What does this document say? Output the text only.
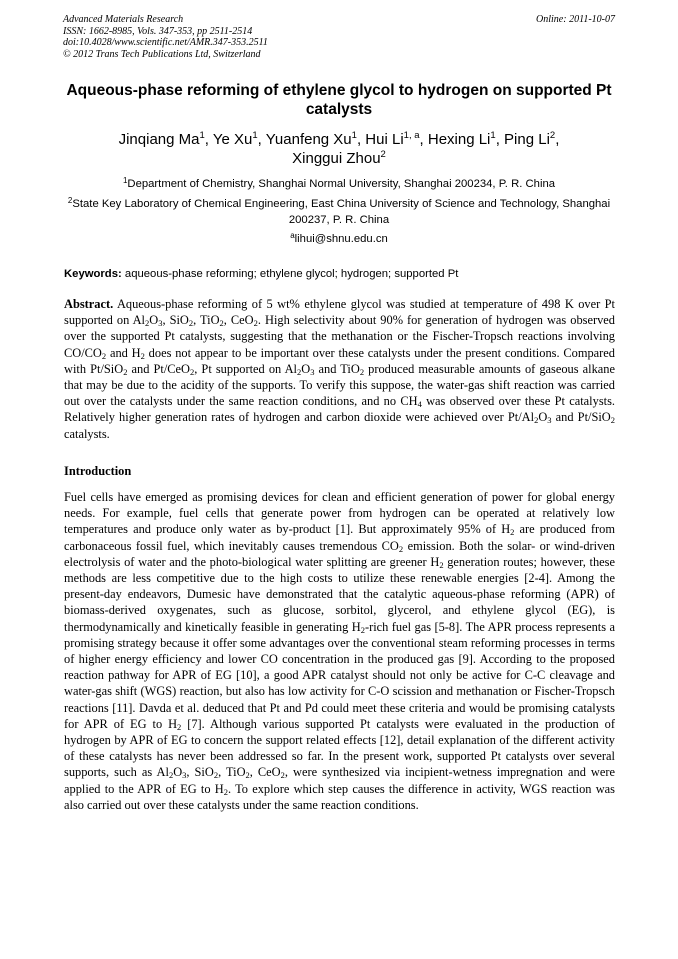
Advanced Materials Research
ISSN: 1662-8985, Vols. 347-353, pp 2511-2514
doi:10.4028/www.scientific.net/AMR.347-353.2511
© 2012 Trans Tech Publications Ltd, Switzerland
Online: 2011-10-07
Aqueous-phase reforming of ethylene glycol to hydrogen on supported Pt catalysts
Jinqiang Ma$^1$, Ye Xu$^1$, Yuanfeng Xu$^1$, Hui Li$^{1, a}$, Hexing Li$^1$, Ping Li$^2$,
Xinggui Zhou$^2$
$^1$Department of Chemistry, Shanghai Normal University, Shanghai 200234, P. R. China
$^2$State Key Laboratory of Chemical Engineering, East China University of Science and Technology, Shanghai 200237, P. R. China
$^a$lihui@shnu.edu.cn
Keywords: aqueous-phase reforming; ethylene glycol; hydrogen; supported Pt
Abstract. Aqueous-phase reforming of 5 wt% ethylene glycol was studied at temperature of 498 K over Pt supported on $Al_2O_3$, SiO$_2$, TiO$_2$, CeO$_2$. High selectivity about 90% for generation of hydrogen was observed over the supported Pt catalysts, suggesting that the methanation or the Fischer-Tropsch reactions involving $CO/CO_2$ and $H_2$ does not appear to be important over these catalysts under the present conditions. Compared with Pt/SiO$_2$ and Pt/CeO$_2$, Pt supported on $Al_2O_3$ and TiO$_2$ produced measurable amounts of gaseous alkane that may be due to the acidity of the supports. To verify this suppose, the water-gas shift reaction was carried out over the catalysts under the same reaction conditions, and no $CH_4$ was observed over these Pt catalysts. Relatively higher generation rates of hydrogen and carbon dioxide were achieved over $Pt/Al_2O_3$ and Pt/SiO$_2$ catalysts.
Introduction
Fuel cells have emerged as promising devices for clean and efficient generation of power for global energy needs. For example, fuel cells that generate power from hydrogen can be operated at relatively low temperatures and produce only water as by-product [1]. But approximately 95% of $H_2$ are produced from carbonaceous fossil fuel, which inevitably causes tremendous $CO_2$ emission. Both the solar- or wind-driven electrolysis of water and the photo-biological water splitting are greener $H_2$ generation routes; however, these methods are less competitive due to the high costs to utilize these renewable energies [2-4]. Among the present-day endeavors, Dumesic have demonstrated that the catalytic aqueous-phase reforming (APR) of biomass-derived oxygenates, such as glucose, sorbitol, glycerol, and ethylene glycol (EG), is thermodynamically and kinetically feasible in generating $H_2$-rich fuel gas [5-8]. The APR process represents a promising strategy because it offer some advantages over the conventional steam reforming processes in terms of higher energy efficiency and lower CO concentration in the produced gas [9]. According to the proposed reaction pathway for APR of EG [10], a good APR catalyst should not only be active for C-C cleavage and water-gas shift (WGS) reaction, but also has low activity for C-O scission and methanation or Fischer-Tropsch reactions [11]. Davda et al. deduced that Pt and Pd could meet these criteria and would be promising catalysts for APR of EG to $H_2$ [7]. Although various supported Pt catalysts were evaluated in the production of hydrogen by APR of EG to concern the support related effects [12], detail explanation of the different activity of these catalysts has never been addressed so far. In the present work, supported Pt catalysts over several supports, such as $Al_2O_3$, SiO$_2$, TiO$_2$, CeO$_2$, were synthesized via incipient-wetness impregnation and were applied to the APR of EG to $H_2$. To explore which step causes the difference in activity, WGS reaction was also carried out over these catalysts under the same reaction conditions.
